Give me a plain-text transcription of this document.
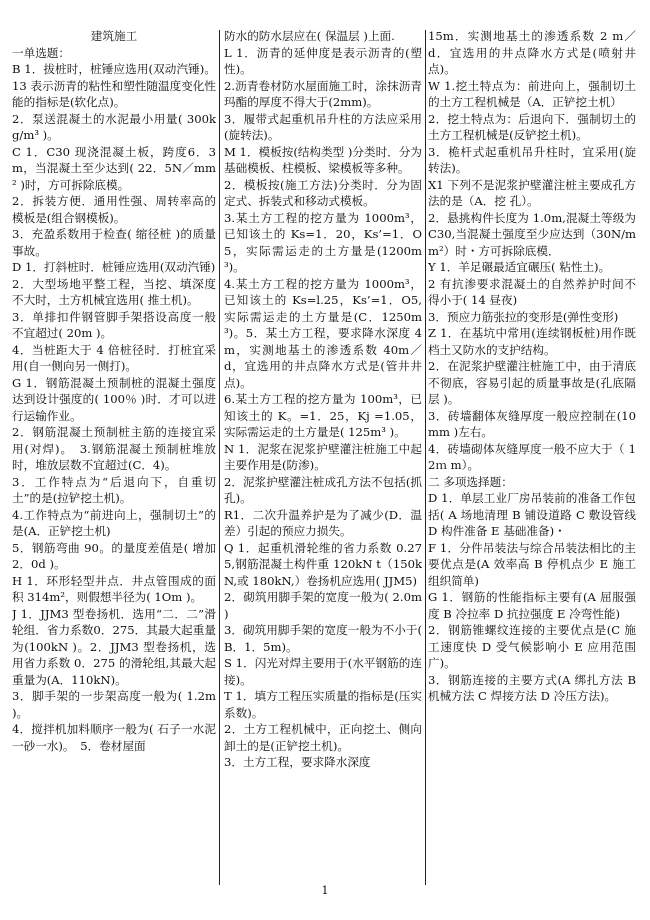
建筑施工

一单选题：

B 1．拔桩时，桩锤应选用(双动汽锤)。13 表示沥青的粘性和塑性随温度变化性能的指标是(软化点)。

2．泵送混凝土的水泥最小用量( 300kg/m³ )。

C 1．C30 现浇混凝土板，跨度6．3m，当混凝土至少达到( 22．5N／mm² )时，方可拆除底模。

2．拆装方便．通用性强、周转率高的模板是(组合钢模板)。

3．充盈系数用于检查( 缩径桩 )的质量事故。

D 1．打斜桩时．桩锤应选用(双动汽锤)

2．大型场地平整工程，当挖、填深度不大时，土方机械宜选用( 推土机)。

3．单排扣件钢管脚手架搭设高度一般不宜超过( 20m )。

4．当桩距大于 4 倍桩径时．打桩宜采用(自一侧向另一侧打)。

G 1．钢筋混凝土预制桩的混凝土强度达到设计强度的( 100％ )时．才可以进行运输作业。

2．钢筋混凝土预制桩主筋的连接宜采用(对焊)。　3.钢筋混凝土预制桩堆放时，堆放层数不宜超过(C．4)。

3．工作特点为“后退向下，自重切土”的是(拉铲挖土机)。

4.工作特点为“前进向上，强制切土”的是(A．正铲挖土机)

5．钢筋弯曲 90。的量度差值是( 增加 2．0d )。

H 1．环形轻型井点．井点管围成的面积 314m²，则假想半径为( 1Om )。

J 1．JJM3 型卷扬机．选用“二．二”滑轮组．省力系数0．275．其最大起重量为(100kN )。2．JJM3 型卷扬机，选用省力系数 0．275 的滑轮组,其最大起重量为(A．110kN)。

3．脚手架的一步架高度一般为( 1.2m )。

4．搅拌机加料顺序一般为( 石子一水泥一砂一水)。　5．卷材屋面

防水的防水层应在( 保温层 )上面.

L 1．沥青的延伸度是表示沥青的(塑性)。

2.沥青卷材防水屋面施工时，涂抹沥青玛酯的厚度不得大于(2mm)。

3．履带式起重机吊升柱的方法应采用(旋转法)。

M 1．模板按(结构类型 )分类时．分为基础模板、柱模板、梁模板等多种。

2．模板按(施工方法)分类时．分为固定式、拆装式和移动式模板。

3.某土方工程的挖方量为 1000m³，已知该土的 Ks=1．20，Ks’=1．O5，实际需运走的土方量是(1200m³)。

4.某土方工程的挖方量为 1000m³，已知该土的 Ks=l.25，Ks’=1．O5,实际需运走的土方量是(C．1250m³)。5．某土方工程，要求降水深度 4m，实测地基土的渗透系数 40m／d，宜选用的井点降水方式是(管井井点)。

6.某土方工程的挖方量为 100m³，已知该土的 K。=1．25，Kj =1.05，实际需运走的土方量是( 125m³ )。

N 1．泥浆在泥浆护壁灌注桩施工中起主要作用是(防渗)。

2．泥浆护壁灌注桩成孔方法不包括(抓孔)。

R1．二次升温养护是为了减少(D．温差）引起的预应力损失。

Q 1．起重机滑轮维的省力系数 0.275,钢筋混凝土构件重 120kN t（150kN,或 180kN,）卷扬机应选用( JJM5)

2．砌筑用脚手架的宽度一般为( 2.0m )

3．砌筑用脚手架的宽度一般为不小于( B．1．5m)。

S 1．闪光对焊主要用于(水平钢筋的连接)。

T 1．填方工程压实质量的指标是(压实系数)。

2．土方工程机械中，正向挖土、侧向卸土的是(正铲挖土机)。

3．土方工程，要求降水深度

15m．实测地基土的渗透系数 2 m／d．宜选用的井点降水方式是(喷射井点)。

W 1.挖土特点为：前进向上，强制切土的土方工程机械是（A．正铲挖土机）

2．挖土特点为：后退向下．强制切土的土方工程机械是(反铲挖土机)。

3．桅杆式起重机吊升柱时，宜采用(旋转法)。

X1 下列不是泥浆护壁灌注桩主要成孔方法的是（A．挖 孔）。

2．悬挑构件长度为 1.0m,混凝土等级为 C30,当混凝土强度至少应达到（30N/mm²）时・方可拆除底模．

Y 1．羊足碾最适宜碾压( 粘性土)。

2 有抗渗要求混凝土的自然养护时间不得小于( 14 昼夜)

3．预应力筋张拉的变形是(弹性变形)

Z 1．在基坑中常用(连续钢板桩)用作既档土又防水的支护结构。

2．在泥浆护壁灌注桩施工中，由于清底不彻底，容易引起的质量事故是(孔底隔层 )。

3．砖墙翻体灰缝厚度一般应控制在(10mm )左右。

4．砖墙砌体灰缝厚度一般不应大于（ 12ｍ m）。

二 多项选择题：

D 1．单层工业厂房吊装前的准备工作包括( A 场地清理 B 铺设道路 C 敷设管线 D 构件准备 E 基础准备)・

F 1．分件吊装法与综合吊装法相比的主要优点是(A 效率高 B 停机点少 E 施工组织简单)

G 1．钢筋的性能指标主要有(A 屈服强度 B 冷拉率 D 抗拉强度 E 冷弯性能)

2．钢筋锥螺纹连接的主要优点是(C 施工速度快 D 受气候影响小 E 应用范围广)。

3．钢筋连接的主要方式(A 绑扎方法 B 机械方法 C 焊接方法 D 冷压方法)。

1
